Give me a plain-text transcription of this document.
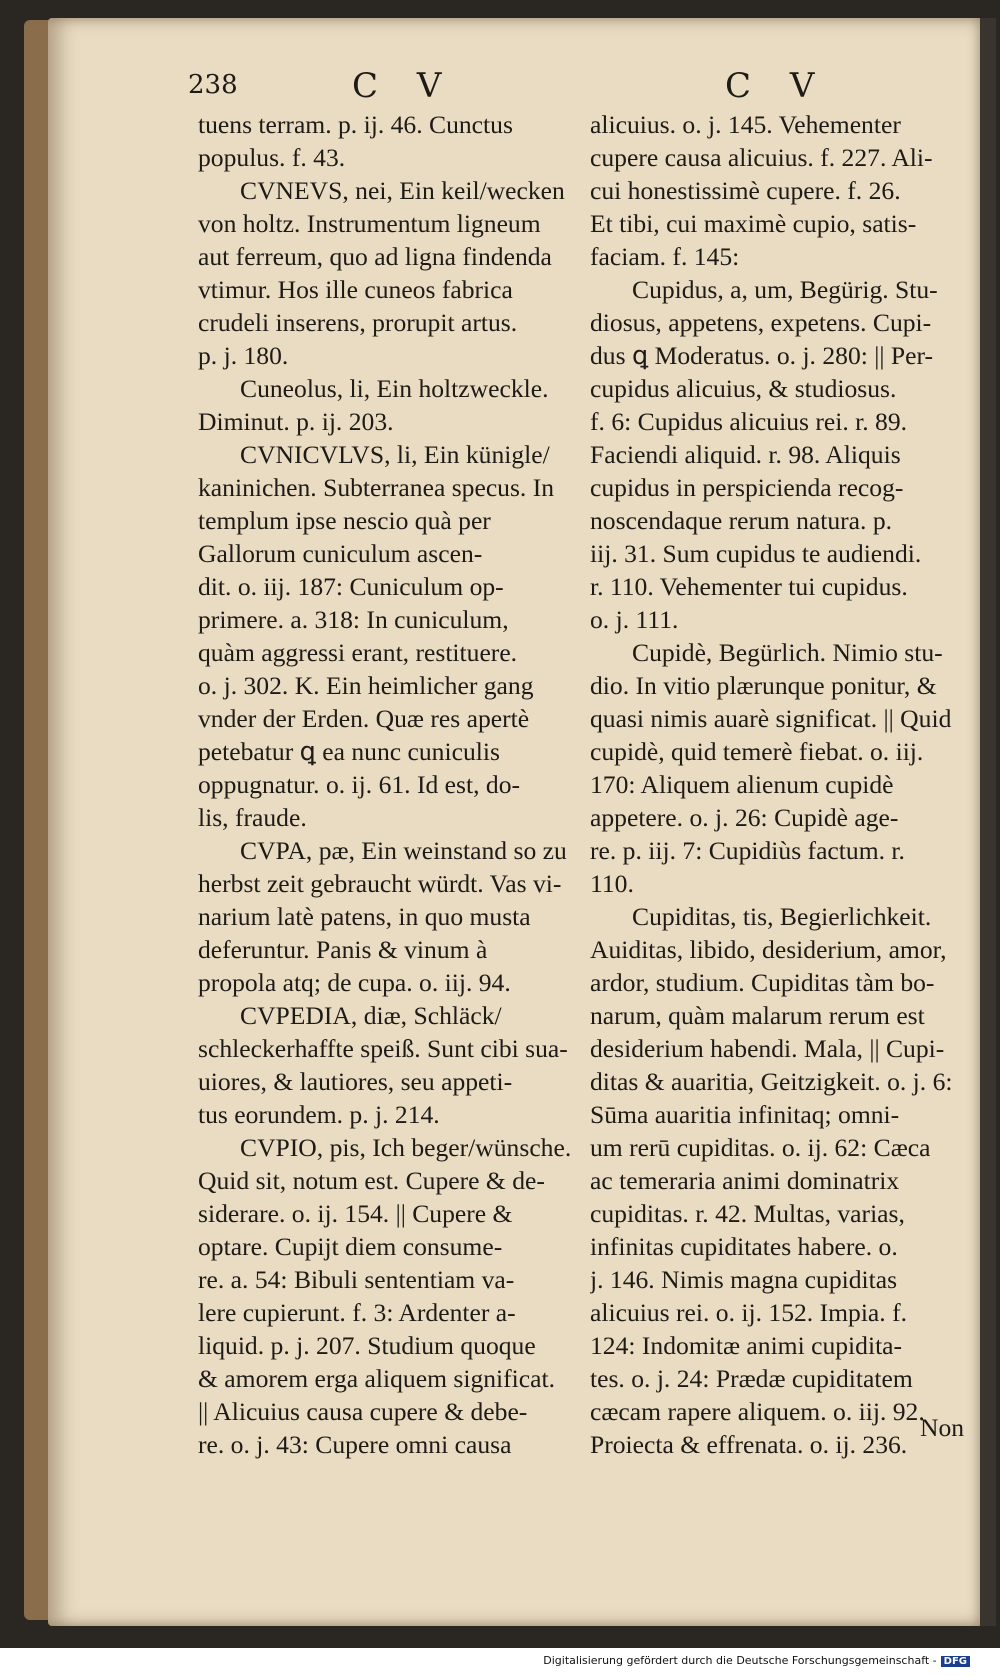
238	C V	C V
tuens terram. p. ij. 46. Cunctus
populus. f. 43.
CVNEVS, nei, Ein keil/wecken
von holtz. Instrumentum ligneum
aut ferreum, quo ad ligna findenda
vtimur. Hos ille cuneos fabrica
crudeli inserens, prorupit artus.
p. j. 180.
Cuneolus, li, Ein holtzweckle.
Diminut. p. ij. 203.
CVNICVLVS, li, Ein künigle/
kaninichen. Subterranea specus. In
templum ipse nescio quà per
Gallorum cuniculum ascen-
dit. o. iij. 187: Cuniculum op-
primere. a. 318: In cuniculum,
quàm aggressi erant, restituere.
o. j. 302. K. Ein heimlicher gang
vnder der Erden. Quæ res apertè
petebatur ꝗ ea nunc cuniculis
oppugnatur. o. ij. 61. Id est, do-
lis, fraude.
CVPA, pæ, Ein weinstand so zu
herbst zeit gebraucht würdt. Vas vi-
narium latè patens, in quo musta
deferuntur. Panis & vinum à
propola atq; de cupa. o. iij. 94.
CVPEDIA, diæ, Schläck/
schleckerhaffte speiß. Sunt cibi sua-
uiores, & lautiores, seu appeti-
tus eorundem. p. j. 214.
CVPIO, pis, Ich beger/wünsche.
Quid sit, notum est. Cupere & de-
siderare. o. ij. 154. || Cupere &
optare. Cupijt diem consume-
re. a. 54: Bibuli sententiam va-
lere cupierunt. f. 3: Ardenter a-
liquid. p. j. 207. Studium quoque
& amorem erga aliquem significat.
|| Alicuius causa cupere & debe-
re. o. j. 43: Cupere omni causa
alicuius. o. j. 145. Vehementer
cupere causa alicuius. f. 227. Ali-
cui honestissimè cupere. f. 26.
Et tibi, cui maximè cupio, satis-
faciam. f. 145:
Cupidus, a, um, Begürig. Stu-
diosus, appetens, expetens. Cupi-
dus ꝗ Moderatus. o. j. 280: || Per-
cupidus alicuius, & studiosus.
f. 6: Cupidus alicuius rei. r. 89.
Faciendi aliquid. r. 98. Aliquis
cupidus in perspicienda recog-
noscendaque rerum natura. p.
iij. 31. Sum cupidus te audiendi.
r. 110. Vehementer tui cupidus.
o. j. 111.
Cupidè, Begürlich. Nimio stu-
dio. In vitio plærunque ponitur, &
quasi nimis auarè significat. || Quid
cupidè, quid temerè fiebat. o. iij.
170: Aliquem alienum cupidè
appetere. o. j. 26: Cupidè age-
re. p. iij. 7: Cupidiùs factum. r.
110.
Cupiditas, tis, Begierlichkeit.
Auiditas, libido, desiderium, amor,
ardor, studium. Cupiditas tàm bo-
narum, quàm malarum rerum est
desiderium habendi. Mala, || Cupi-
ditas & auaritia, Geitzigkeit. o. j. 6:
Sūma auaritia infinitaq; omni-
um rerū cupiditas. o. ij. 62: Cæca
ac temeraria animi dominatrix
cupiditas. r. 42. Multas, varias,
infinitas cupiditates habere. o.
j. 146. Nimis magna cupiditas
alicuius rei. o. ij. 152. Impia. f.
124: Indomitæ animi cupidita-
tes. o. j. 24: Prædæ cupiditatem
cæcam rapere aliquem. o. iij. 92.
Proiecta & effrenata. o. ij. 236.
Non
Digitalisierung gefördert durch die Deutsche Forschungsgemeinschaft - DFG
